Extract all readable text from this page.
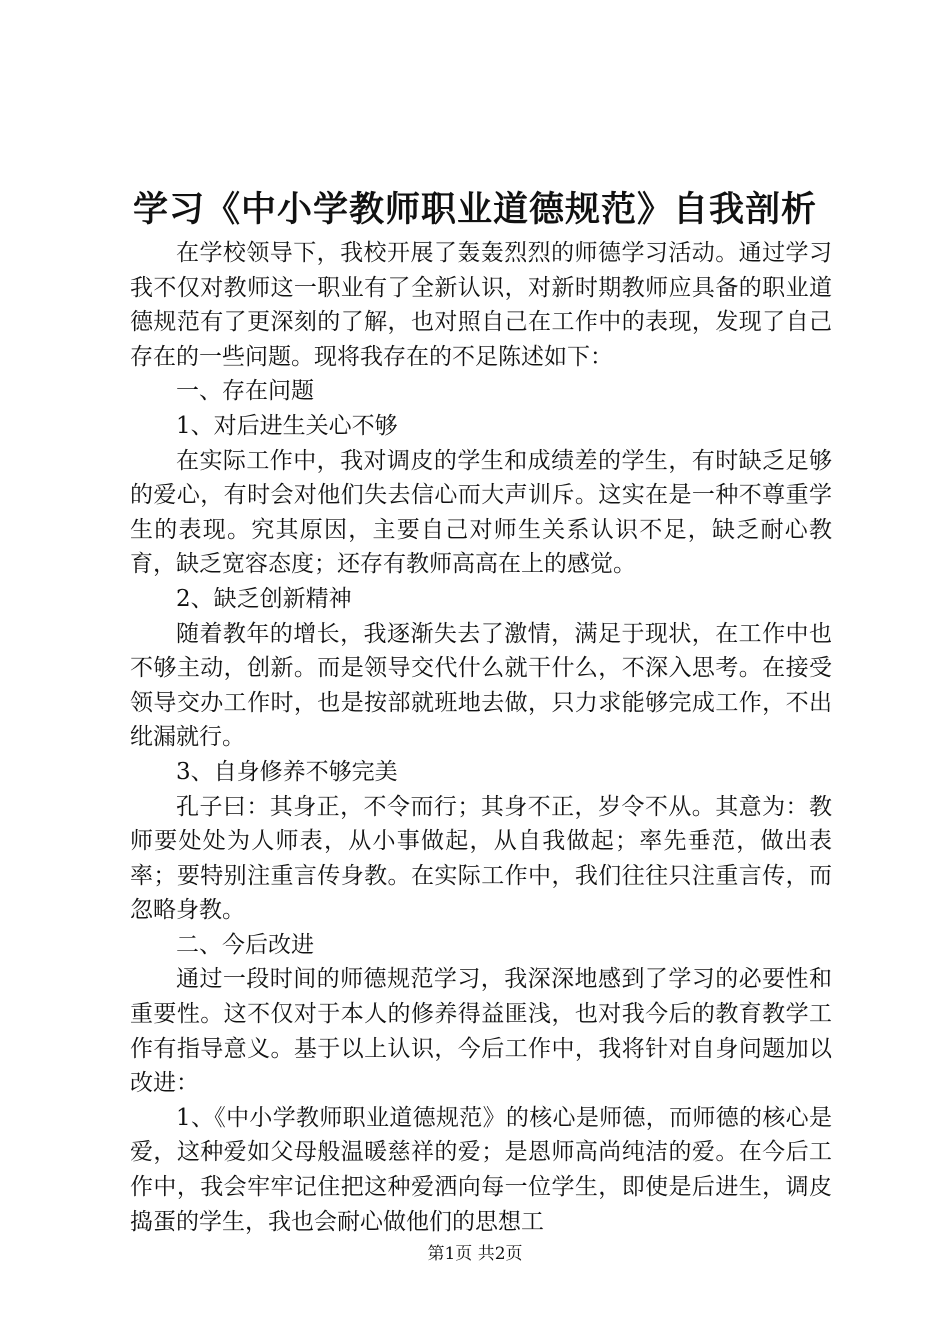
学习《中小学教师职业道德规范》自我剖析

在学校领导下，我校开展了轰轰烈烈的师德学习活动。通过学习我不仅对教师这一职业有了全新认识，对新时期教师应具备的职业道德规范有了更深刻的了解，也对照自己在工作中的表现，发现了自己存在的一些问题。现将我存在的不足陈述如下：

一、存在问题

1、对后进生关心不够

在实际工作中，我对调皮的学生和成绩差的学生，有时缺乏足够的爱心，有时会对他们失去信心而大声训斥。这实在是一种不尊重学生的表现。究其原因，主要自己对师生关系认识不足，缺乏耐心教育，缺乏宽容态度；还存有教师高高在上的感觉。

2、缺乏创新精神

随着教年的增长，我逐渐失去了激情，满足于现状，在工作中也不够主动，创新。而是领导交代什么就干什么，不深入思考。在接受领导交办工作时，也是按部就班地去做，只力求能够完成工作，不出纰漏就行。

3、自身修养不够完美

孔子曰：其身正，不令而行；其身不正，岁令不从。其意为：教师要处处为人师表，从小事做起，从自我做起；率先垂范，做出表率；要特别注重言传身教。在实际工作中，我们往往只注重言传，而忽略身教。

二、今后改进

通过一段时间的师德规范学习，我深深地感到了学习的必要性和重要性。这不仅对于本人的修养得益匪浅，也对我今后的教育教学工作有指导意义。基于以上认识，今后工作中，我将针对自身问题加以改进：

1、《中小学教师职业道德规范》的核心是师德，而师德的核心是爱，这种爱如父母般温暖慈祥的爱；是恩师高尚纯洁的爱。在今后工作中，我会牢牢记住把这种爱洒向每一位学生，即使是后进生，调皮捣蛋的学生，我也会耐心做他们的思想工

第1页 共2页
